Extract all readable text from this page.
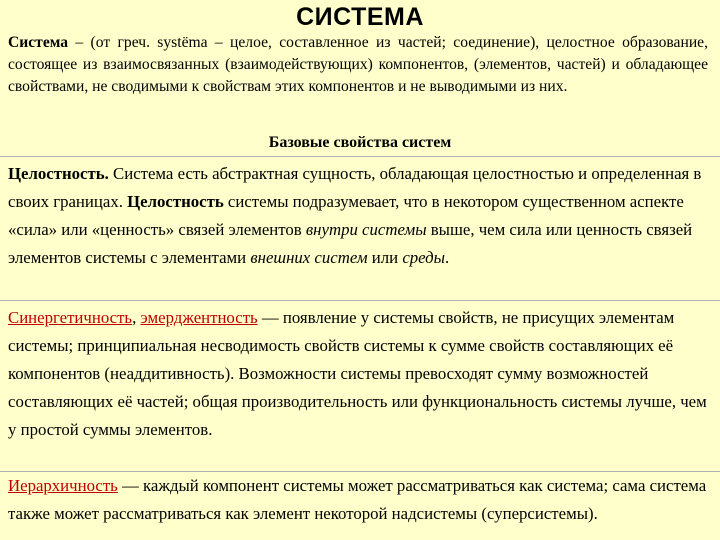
СИСТЕМА
Система – (от греч. systёma – целое, составленное из частей; соединение), целостное образование, состоящее из взаимосвязанных (взаимодействующих) компонентов, (элементов, частей) и обладающее свойствами, не сводимыми к свойствам этих компонентов и не выводимыми из них.
Базовые свойства систем
Целостность. Система есть абстрактная сущность, обладающая целостностью и определенная в своих границах. Целостность системы подразумевает, что в некотором существенном аспекте «сила» или «ценность» связей элементов внутри системы выше, чем сила или ценность связей элементов системы с элементами внешних систем или среды.
Синергетичность, эмерджентность — появление у системы свойств, не присущих элементам системы; принципиальная несводимость свойств системы к сумме свойств составляющих её компонентов (неаддитивность). Возможности системы превосходят сумму возможностей составляющих её частей; общая производительность или функциональность системы лучше, чем у простой суммы элементов.
Иерархичность — каждый компонент системы может рассматриваться как система; сама система также может рассматриваться как элемент некоторой надсистемы (суперсистемы).
